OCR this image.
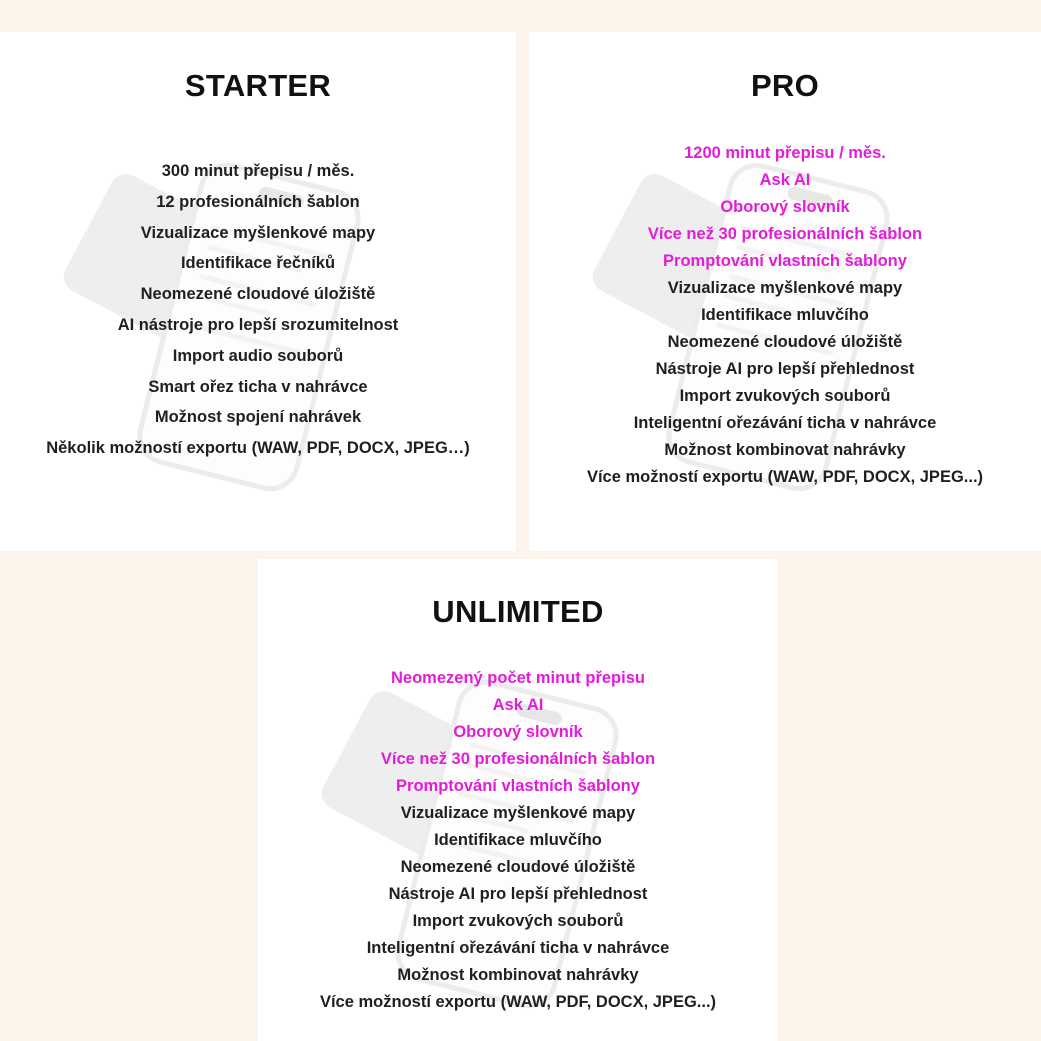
STARTER
300 minut přepisu / měs.
12 profesionálních šablon
Vizualizace myšlenkové mapy
Identifikace řečníků
Neomezené cloudové úložiště
AI nástroje pro lepší srozumitelnost
Import audio souborů
Smart ořez ticha v nahrávce
Možnost spojení nahrávek
Několik možností exportu (WAW, PDF, DOCX, JPEG…)
PRO
1200 minut přepisu / měs.
Ask AI
Oborový slovník
Více než 30 profesionálních šablon
Promptování vlastních šablony
Vizualizace myšlenkové mapy
Identifikace mluvčího
Neomezené cloudové úložiště
Nástroje AI pro lepší přehlednost
Import zvukových souborů
Inteligentní ořezávání ticha v nahrávce
Možnost kombinovat nahrávky
Více možností exportu (WAW, PDF, DOCX, JPEG...)
UNLIMITED
Neomezený počet minut přepisu
Ask AI
Oborový slovník
Více než 30 profesionálních šablon
Promptování vlastních šablony
Vizualizace myšlenkové mapy
Identifikace mluvčího
Neomezené cloudové úložiště
Nástroje AI pro lepší přehlednost
Import zvukových souborů
Inteligentní ořezávání ticha v nahrávce
Možnost kombinovat nahrávky
Více možností exportu (WAW, PDF, DOCX, JPEG...)
